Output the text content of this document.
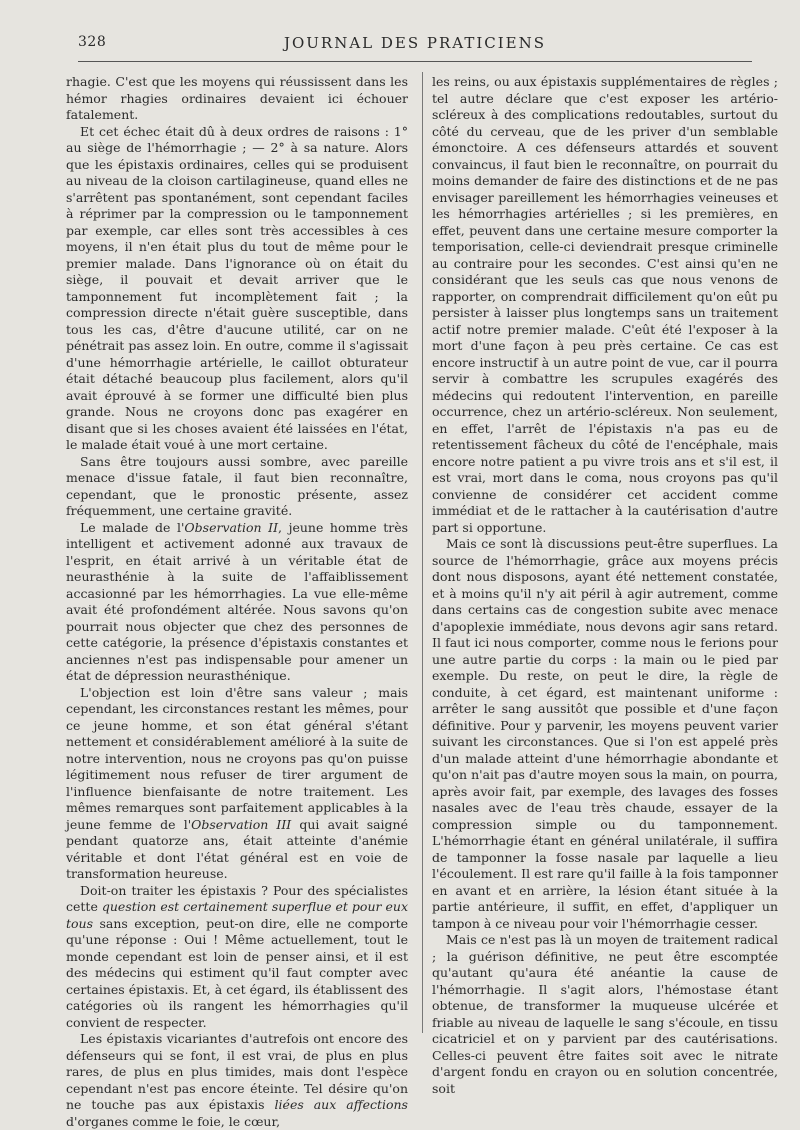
328	JOURNAL DES PRATICIENS

rhagie. C'est que les moyens qui réussissent dans les hémor rhagies ordinaires devaient ici échouer fatalement.

Et cet échec était dû à deux ordres de raisons : 1° au siège de l'hémorrhagie ; — 2° à sa nature. Alors que les épistaxis ordinaires, celles qui se produisent au niveau de la cloison cartilagineuse, quand elles ne s'arrêtent pas spontanément, sont cependant faciles à réprimer par la compression ou le tamponnement par exemple, car elles sont très accessibles à ces moyens, il n'en était plus du tout de même pour le premier malade. Dans l'ignorance où on était du siège, il pouvait et devait arriver que le tamponnement fut incomplètement fait ; la compression directe n'était guère susceptible, dans tous les cas, d'être d'aucune utilité, car on ne pénétrait pas assez loin. En outre, comme il s'agissait d'une hémorrhagie artérielle, le caillot obturateur était détaché beaucoup plus facilement, alors qu'il avait éprouvé à se former une difficulté bien plus grande. Nous ne croyons donc pas exagérer en disant que si les choses avaient été laissées en l'état, le malade était voué à une mort certaine.

Sans être toujours aussi sombre, avec pareille menace d'issue fatale, il faut bien reconnaître, cependant, que le pronostic présente, assez fréquemment, une certaine gravité.

Le malade de l'Observation II, jeune homme très intelligent et activement adonné aux travaux de l'esprit, en était arrivé à un véritable état de neurasthénie à la suite de l'affaiblissement accasionné par les hémorrhagies. La vue elle-même avait été profondément altérée. Nous savons qu'on pourrait nous objecter que chez des personnes de cette catégorie, la présence d'épistaxis constantes et anciennes n'est pas indispensable pour amener un état de dépression neurasthénique.

L'objection est loin d'être sans valeur ; mais cependant, les circonstances restant les mêmes, pour ce jeune homme, et son état général s'étant nettement et considérablement amélioré à la suite de notre intervention, nous ne croyons pas qu'on puisse légitimement nous refuser de tirer argument de l'influence bienfaisante de notre traitement. Les mêmes remarques sont parfaitement applicables à la jeune femme de l'Observation III qui avait saigné pendant quatorze ans, était atteinte d'anémie véritable et dont l'état général est en voie de transformation heureuse.

Doit-on traiter les épistaxis ? Pour des spécialistes cette question est certainement superflue et pour eux tous sans exception, peut-on dire, elle ne comporte qu'une réponse : Oui ! Même actuellement, tout le monde cependant est loin de penser ainsi, et il est des médecins qui estiment qu'il faut compter avec certaines épistaxis. Et, à cet égard, ils établissent des catégories où ils rangent les hémorrhagies qu'il convient de respecter.

Les épistaxis vicariantes d'autrefois ont encore des défenseurs qui se font, il est vrai, de plus en plus rares, de plus en plus timides, mais dont l'espèce cependant n'est pas encore éteinte. Tel désire qu'on ne touche pas aux épistaxis liées aux affections d'organes comme le foie, le cœur,

les reins, ou aux épistaxis supplémentaires de règles ; tel autre déclare que c'est exposer les artério-scléreux à des complications redoutables, surtout du côté du cerveau, que de les priver d'un semblable émonctoire. A ces défenseurs attardés et souvent convaincus, il faut bien le reconnaître, on pourrait du moins demander de faire des distinctions et de ne pas envisager pareillement les hémorrhagies veineuses et les hémorrhagies artérielles ; si les premières, en effet, peuvent dans une certaine mesure comporter la temporisation, celle-ci deviendrait presque criminelle au contraire pour les secondes. C'est ainsi qu'en ne considérant que les seuls cas que nous venons de rapporter, on comprendrait difficilement qu'on eût pu persister à laisser plus longtemps sans un traitement actif notre premier malade. C'eût été l'exposer à la mort d'une façon à peu près certaine. Ce cas est encore instructif à un autre point de vue, car il pourra servir à combattre les scrupules exagérés des médecins qui redoutent l'intervention, en pareille occurrence, chez un artério-scléreux. Non seulement, en effet, l'arrêt de l'épistaxis n'a pas eu de retentissement fâcheux du côté de l'encéphale, mais encore notre patient a pu vivre trois ans et s'il est, il est vrai, mort dans le coma, nous croyons pas qu'il convienne de considérer cet accident comme immédiat et de le rattacher à la cautérisation d'autre part si opportune.

Mais ce sont là discussions peut-être superflues. La source de l'hémorrhagie, grâce aux moyens précis dont nous disposons, ayant été nettement constatée, et à moins qu'il n'y ait péril à agir autrement, comme dans certains cas de congestion subite avec menace d'apoplexie immédiate, nous devons agir sans retard. Il faut ici nous comporter, comme nous le ferions pour une autre partie du corps : la main ou le pied par exemple. Du reste, on peut le dire, la règle de conduite, à cet égard, est maintenant uniforme : arrêter le sang aussitôt que possible et d'une façon définitive. Pour y parvenir, les moyens peuvent varier suivant les circonstances. Que si l'on est appelé près d'un malade atteint d'une hémorrhagie abondante et qu'on n'ait pas d'autre moyen sous la main, on pourra, après avoir fait, par exemple, des lavages des fosses nasales avec de l'eau très chaude, essayer de la compression simple ou du tamponnement. L'hémorrhagie étant en général unilatérale, il suffira de tamponner la fosse nasale par laquelle a lieu l'écoulement. Il est rare qu'il faille à la fois tamponner en avant et en arrière, la lésion étant située à la partie antérieure, il suffit, en effet, d'appliquer un tampon à ce niveau pour voir l'hémorrhagie cesser.

Mais ce n'est pas là un moyen de traitement radical ; la guérison définitive, ne peut être escomptée qu'autant qu'aura été anéantie la cause de l'hémorrhagie. Il s'agit alors, l'hémostase étant obtenue, de transformer la muqueuse ulcérée et friable au niveau de laquelle le sang s'écoule, en tissu cicatriciel et on y parvient par des cautérisations. Celles-ci peuvent être faites soit avec le nitrate d'argent fondu en crayon ou en solution concentrée, soit
